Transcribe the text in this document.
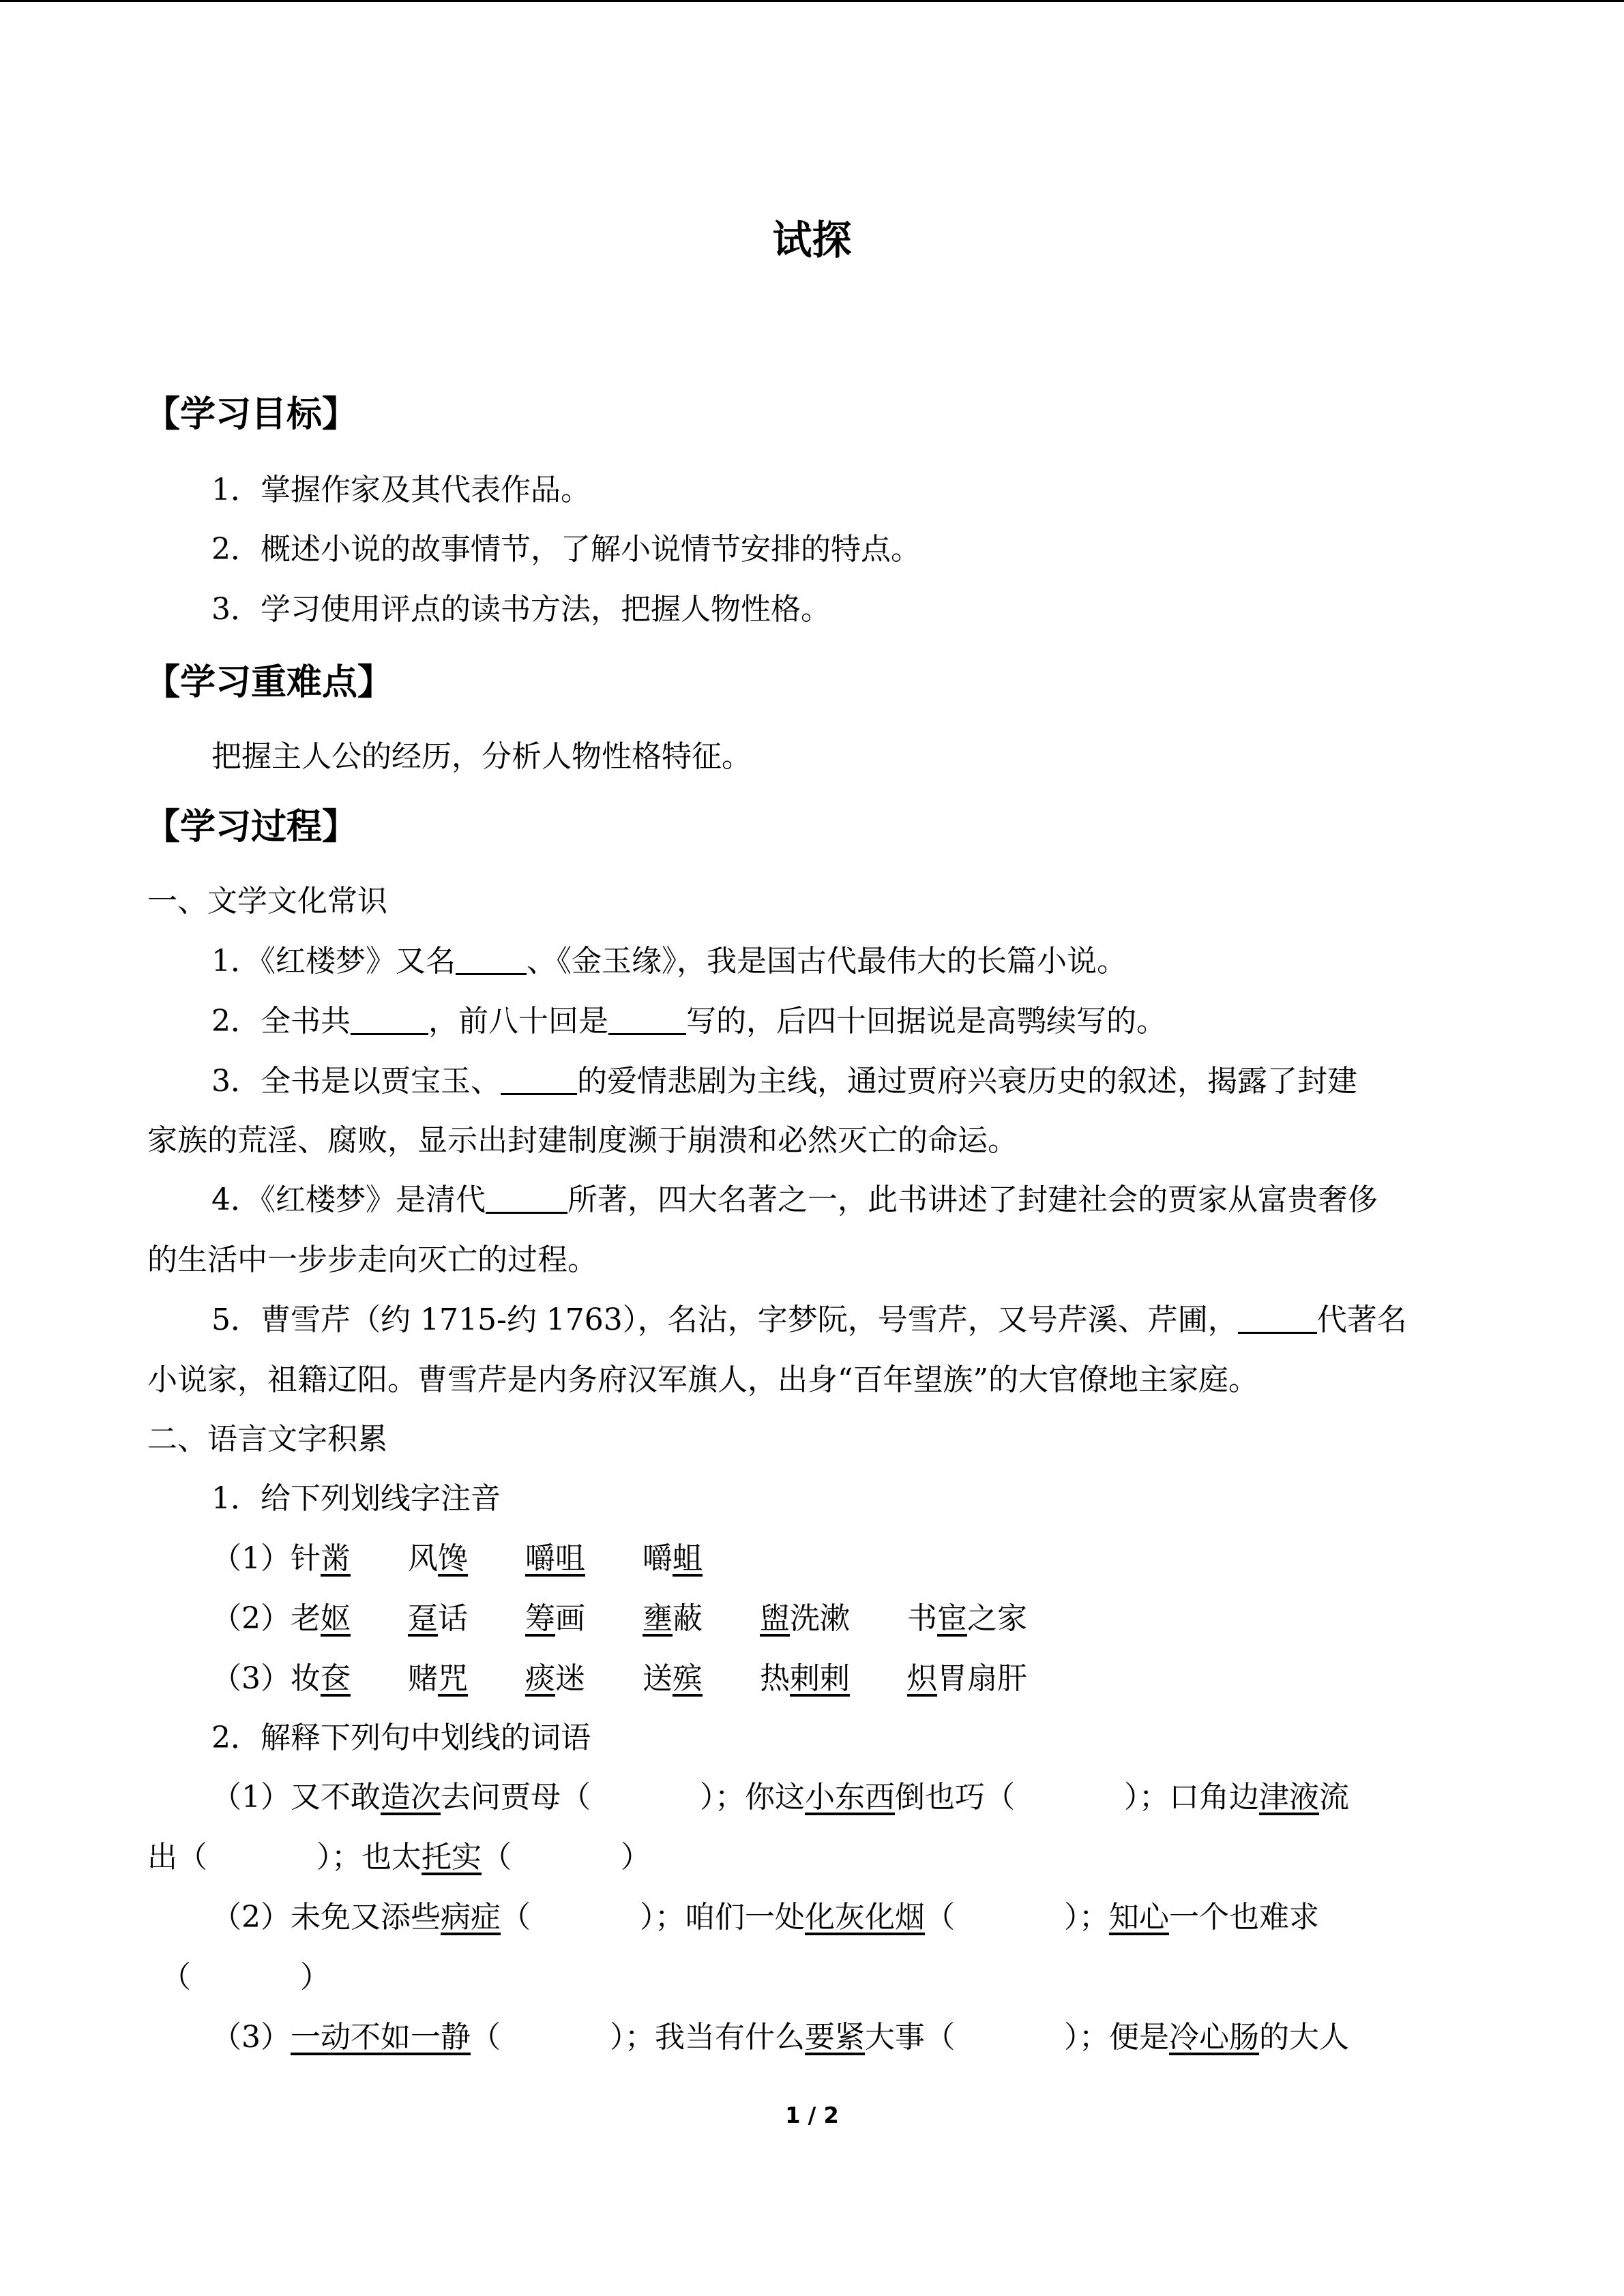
试探
【学习目标】
1．掌握作家及其代表作品。
2．概述小说的故事情节，了解小说情节安排的特点。
3．学习使用评点的读书方法，把握人物性格。
【学习重难点】
把握主人公的经历，分析人物性格特征。
【学习过程】
一、文学文化常识
1．《红楼梦》又名 、《金玉缘》，我是国古代最伟大的长篇小说。
2．全书共	，前八十回是	写的，后四十回据说是高鹗续写的。
3．全书是以贾宝玉、	的爱情悲剧为主线，通过贾府兴衰历史的叙述，揭露了封建
家族的荒淫、腐败，显示出封建制度濒于崩溃和必然灭亡的命运。
4．《红楼梦》是清代	所著，四大名著之一，此书讲述了封建社会的贾家从富贵奢侈
的生活中一步步走向灭亡的过程。
5．曹雪芹（约 1715-约 1763），名沾，字梦阮，号雪芹，又号芹溪、芹圃，	代著名
小说家，祖籍辽阳。曹雪芹是内务府汉军旗人，出身“百年望族”的大官僚地主家庭。
二、语言文字积累
1．给下列划线字注音
（1）针黹 风馋 嚼咀 嚼蛆
（2）老妪 趸话 筹画 壅蔽 盥洗漱 书宦之家
（3）妆奁 赌咒 痰迷 送殡 热剌剌 炽胃扇肝
2．解释下列句中划线的词语
（1）又不敢造次去问贾母（	）；你这小东西倒也巧（	）；口角边津液流
出（	）；也太托实（	）
（2）未免又添些病症（	）；咱们一处化灰化烟（	）；知心一个也难求
（	）
（3）一动不如一静（	）；我当有什么要紧大事（	）；便是冷心肠的大人
1 / 2
